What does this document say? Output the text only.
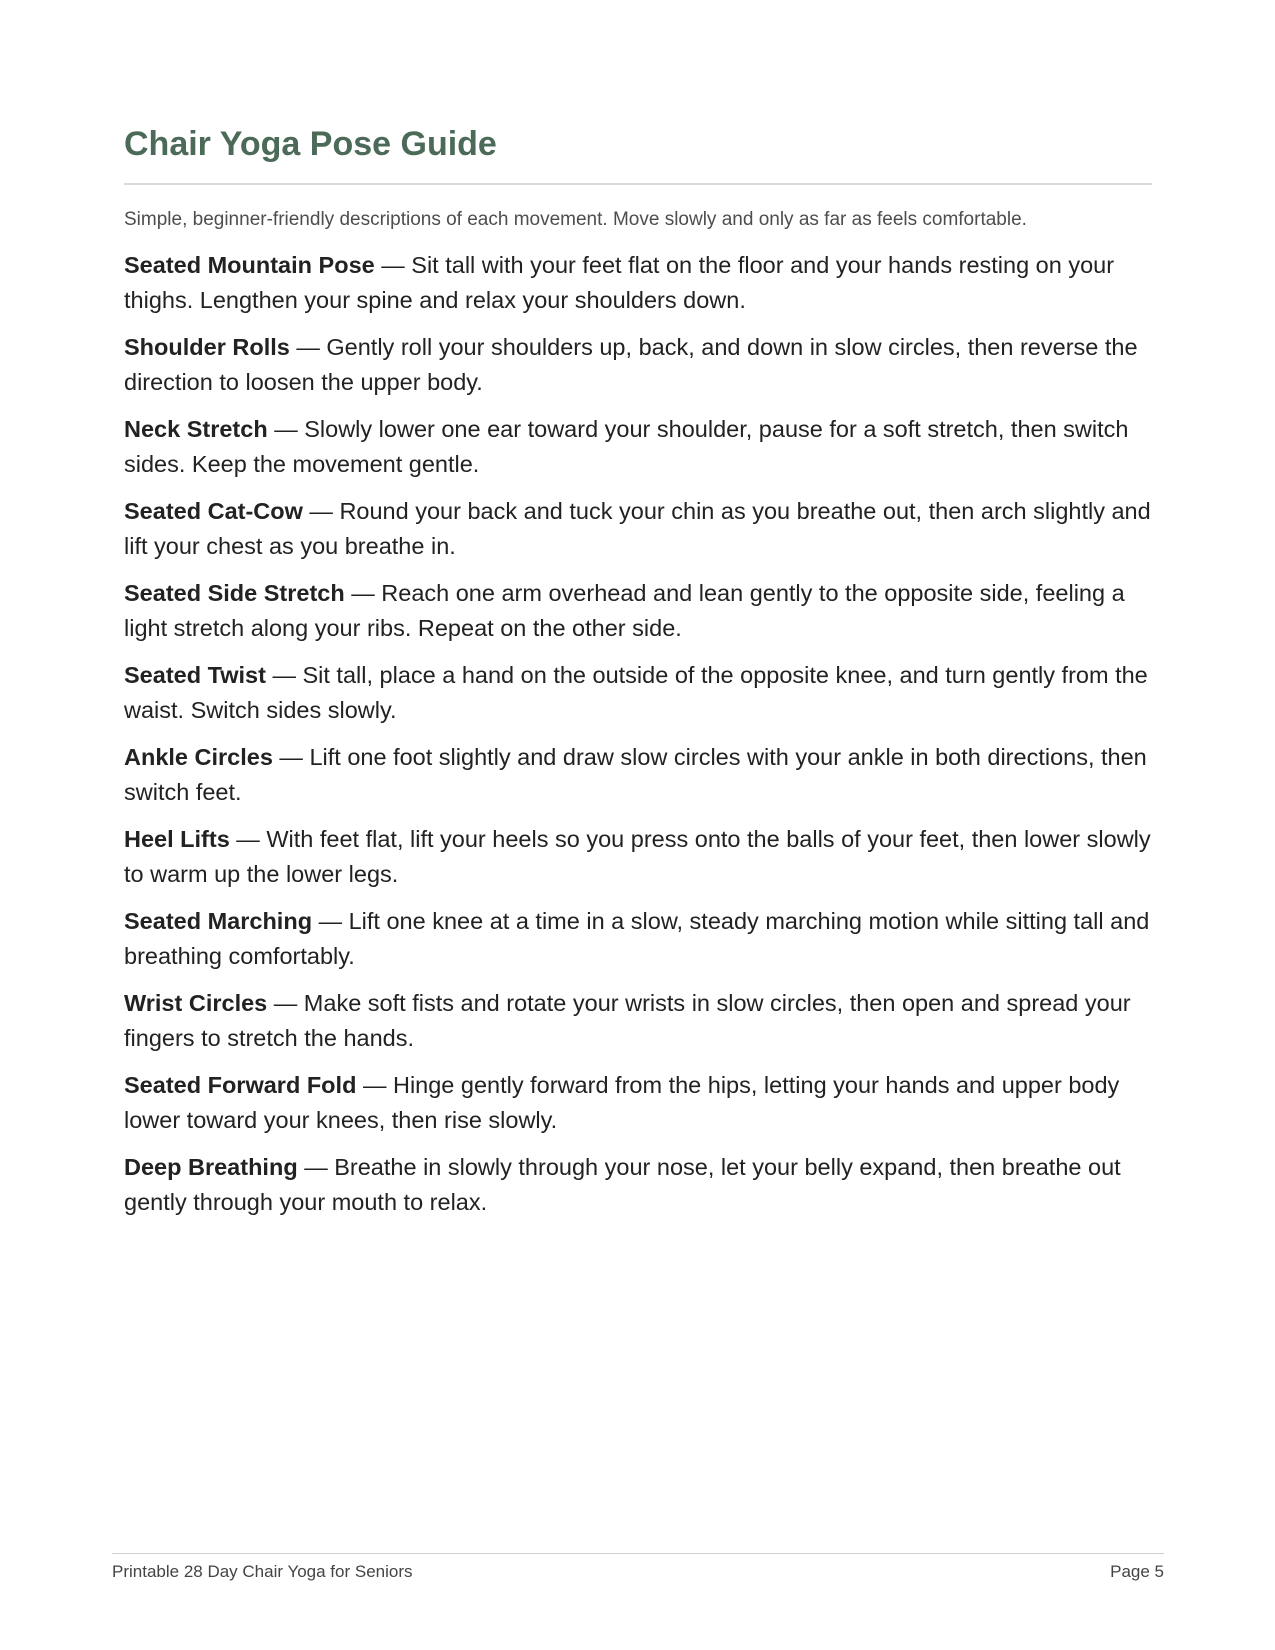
Chair Yoga Pose Guide

Simple, beginner-friendly descriptions of each movement. Move slowly and only as far as feels comfortable.

Seated Mountain Pose — Sit tall with your feet flat on the floor and your hands resting on your thighs. Lengthen your spine and relax your shoulders down.
Shoulder Rolls — Gently roll your shoulders up, back, and down in slow circles, then reverse the direction to loosen the upper body.
Neck Stretch — Slowly lower one ear toward your shoulder, pause for a soft stretch, then switch sides. Keep the movement gentle.
Seated Cat-Cow — Round your back and tuck your chin as you breathe out, then arch slightly and lift your chest as you breathe in.
Seated Side Stretch — Reach one arm overhead and lean gently to the opposite side, feeling a light stretch along your ribs. Repeat on the other side.
Seated Twist — Sit tall, place a hand on the outside of the opposite knee, and turn gently from the waist. Switch sides slowly.
Ankle Circles — Lift one foot slightly and draw slow circles with your ankle in both directions, then switch feet.
Heel Lifts — With feet flat, lift your heels so you press onto the balls of your feet, then lower slowly to warm up the lower legs.
Seated Marching — Lift one knee at a time in a slow, steady marching motion while sitting tall and breathing comfortably.
Wrist Circles — Make soft fists and rotate your wrists in slow circles, then open and spread your fingers to stretch the hands.
Seated Forward Fold — Hinge gently forward from the hips, letting your hands and upper body lower toward your knees, then rise slowly.
Deep Breathing — Breathe in slowly through your nose, let your belly expand, then breathe out gently through your mouth to relax.
Printable 28 Day Chair Yoga for Seniors	Page 5
